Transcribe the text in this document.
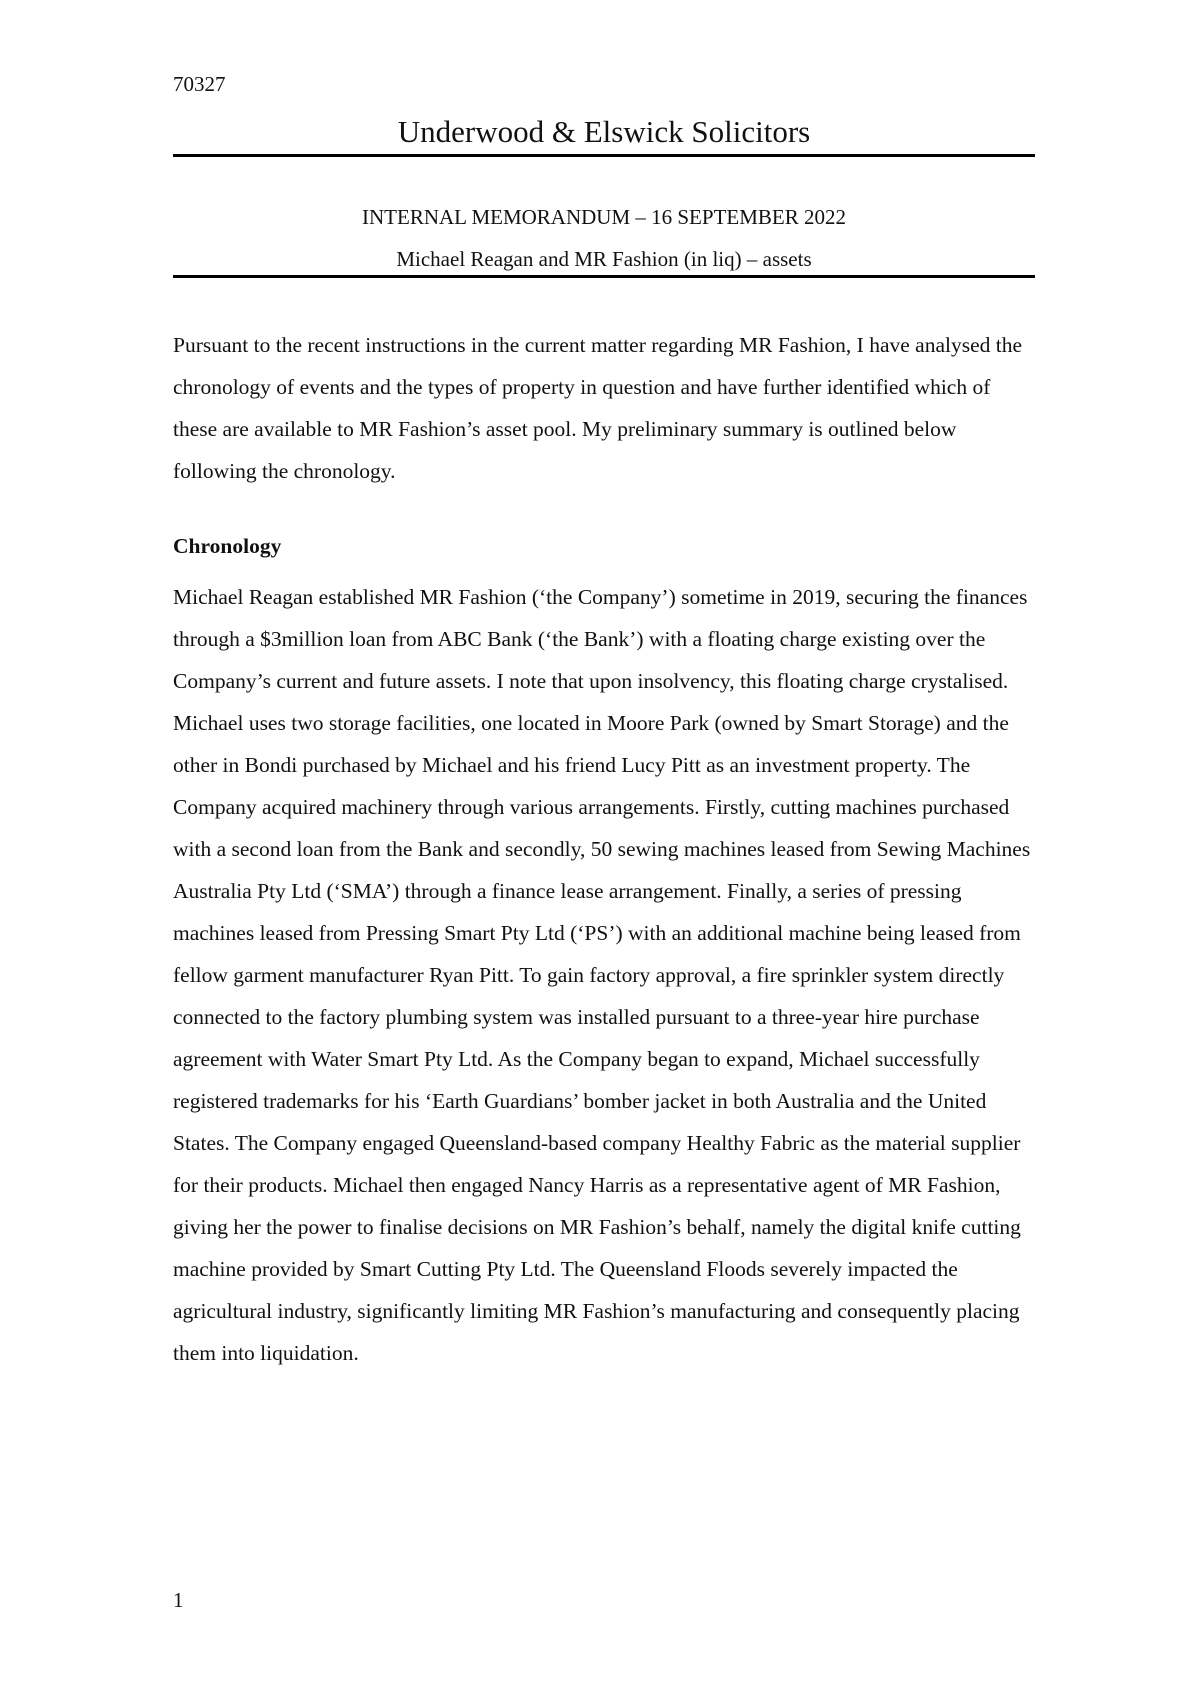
70327
Underwood & Elswick Solicitors
INTERNAL MEMORANDUM – 16 SEPTEMBER 2022
Michael Reagan and MR Fashion (in liq) – assets

Pursuant to the recent instructions in the current matter regarding MR Fashion, I have analysed the chronology of events and the types of property in question and have further identified which of these are available to MR Fashion’s asset pool. My preliminary summary is outlined below following the chronology.

Chronology

Michael Reagan established MR Fashion (‘the Company’) sometime in 2019, securing the finances through a $3million loan from ABC Bank (‘the Bank’) with a floating charge existing over the Company’s current and future assets. I note that upon insolvency, this floating charge crystalised. Michael uses two storage facilities, one located in Moore Park (owned by Smart Storage) and the other in Bondi purchased by Michael and his friend Lucy Pitt as an investment property. The Company acquired machinery through various arrangements. Firstly, cutting machines purchased with a second loan from the Bank and secondly, 50 sewing machines leased from Sewing Machines Australia Pty Ltd (‘SMA’) through a finance lease arrangement. Finally, a series of pressing machines leased from Pressing Smart Pty Ltd (‘PS’) with an additional machine being leased from fellow garment manufacturer Ryan Pitt. To gain factory approval, a fire sprinkler system directly connected to the factory plumbing system was installed pursuant to a three-year hire purchase agreement with Water Smart Pty Ltd. As the Company began to expand, Michael successfully registered trademarks for his ‘Earth Guardians’ bomber jacket in both Australia and the United States. The Company engaged Queensland-based company Healthy Fabric as the material supplier for their products. Michael then engaged Nancy Harris as a representative agent of MR Fashion, giving her the power to finalise decisions on MR Fashion’s behalf, namely the digital knife cutting machine provided by Smart Cutting Pty Ltd. The Queensland Floods severely impacted the agricultural industry, significantly limiting MR Fashion’s manufacturing and consequently placing them into liquidation.

1
